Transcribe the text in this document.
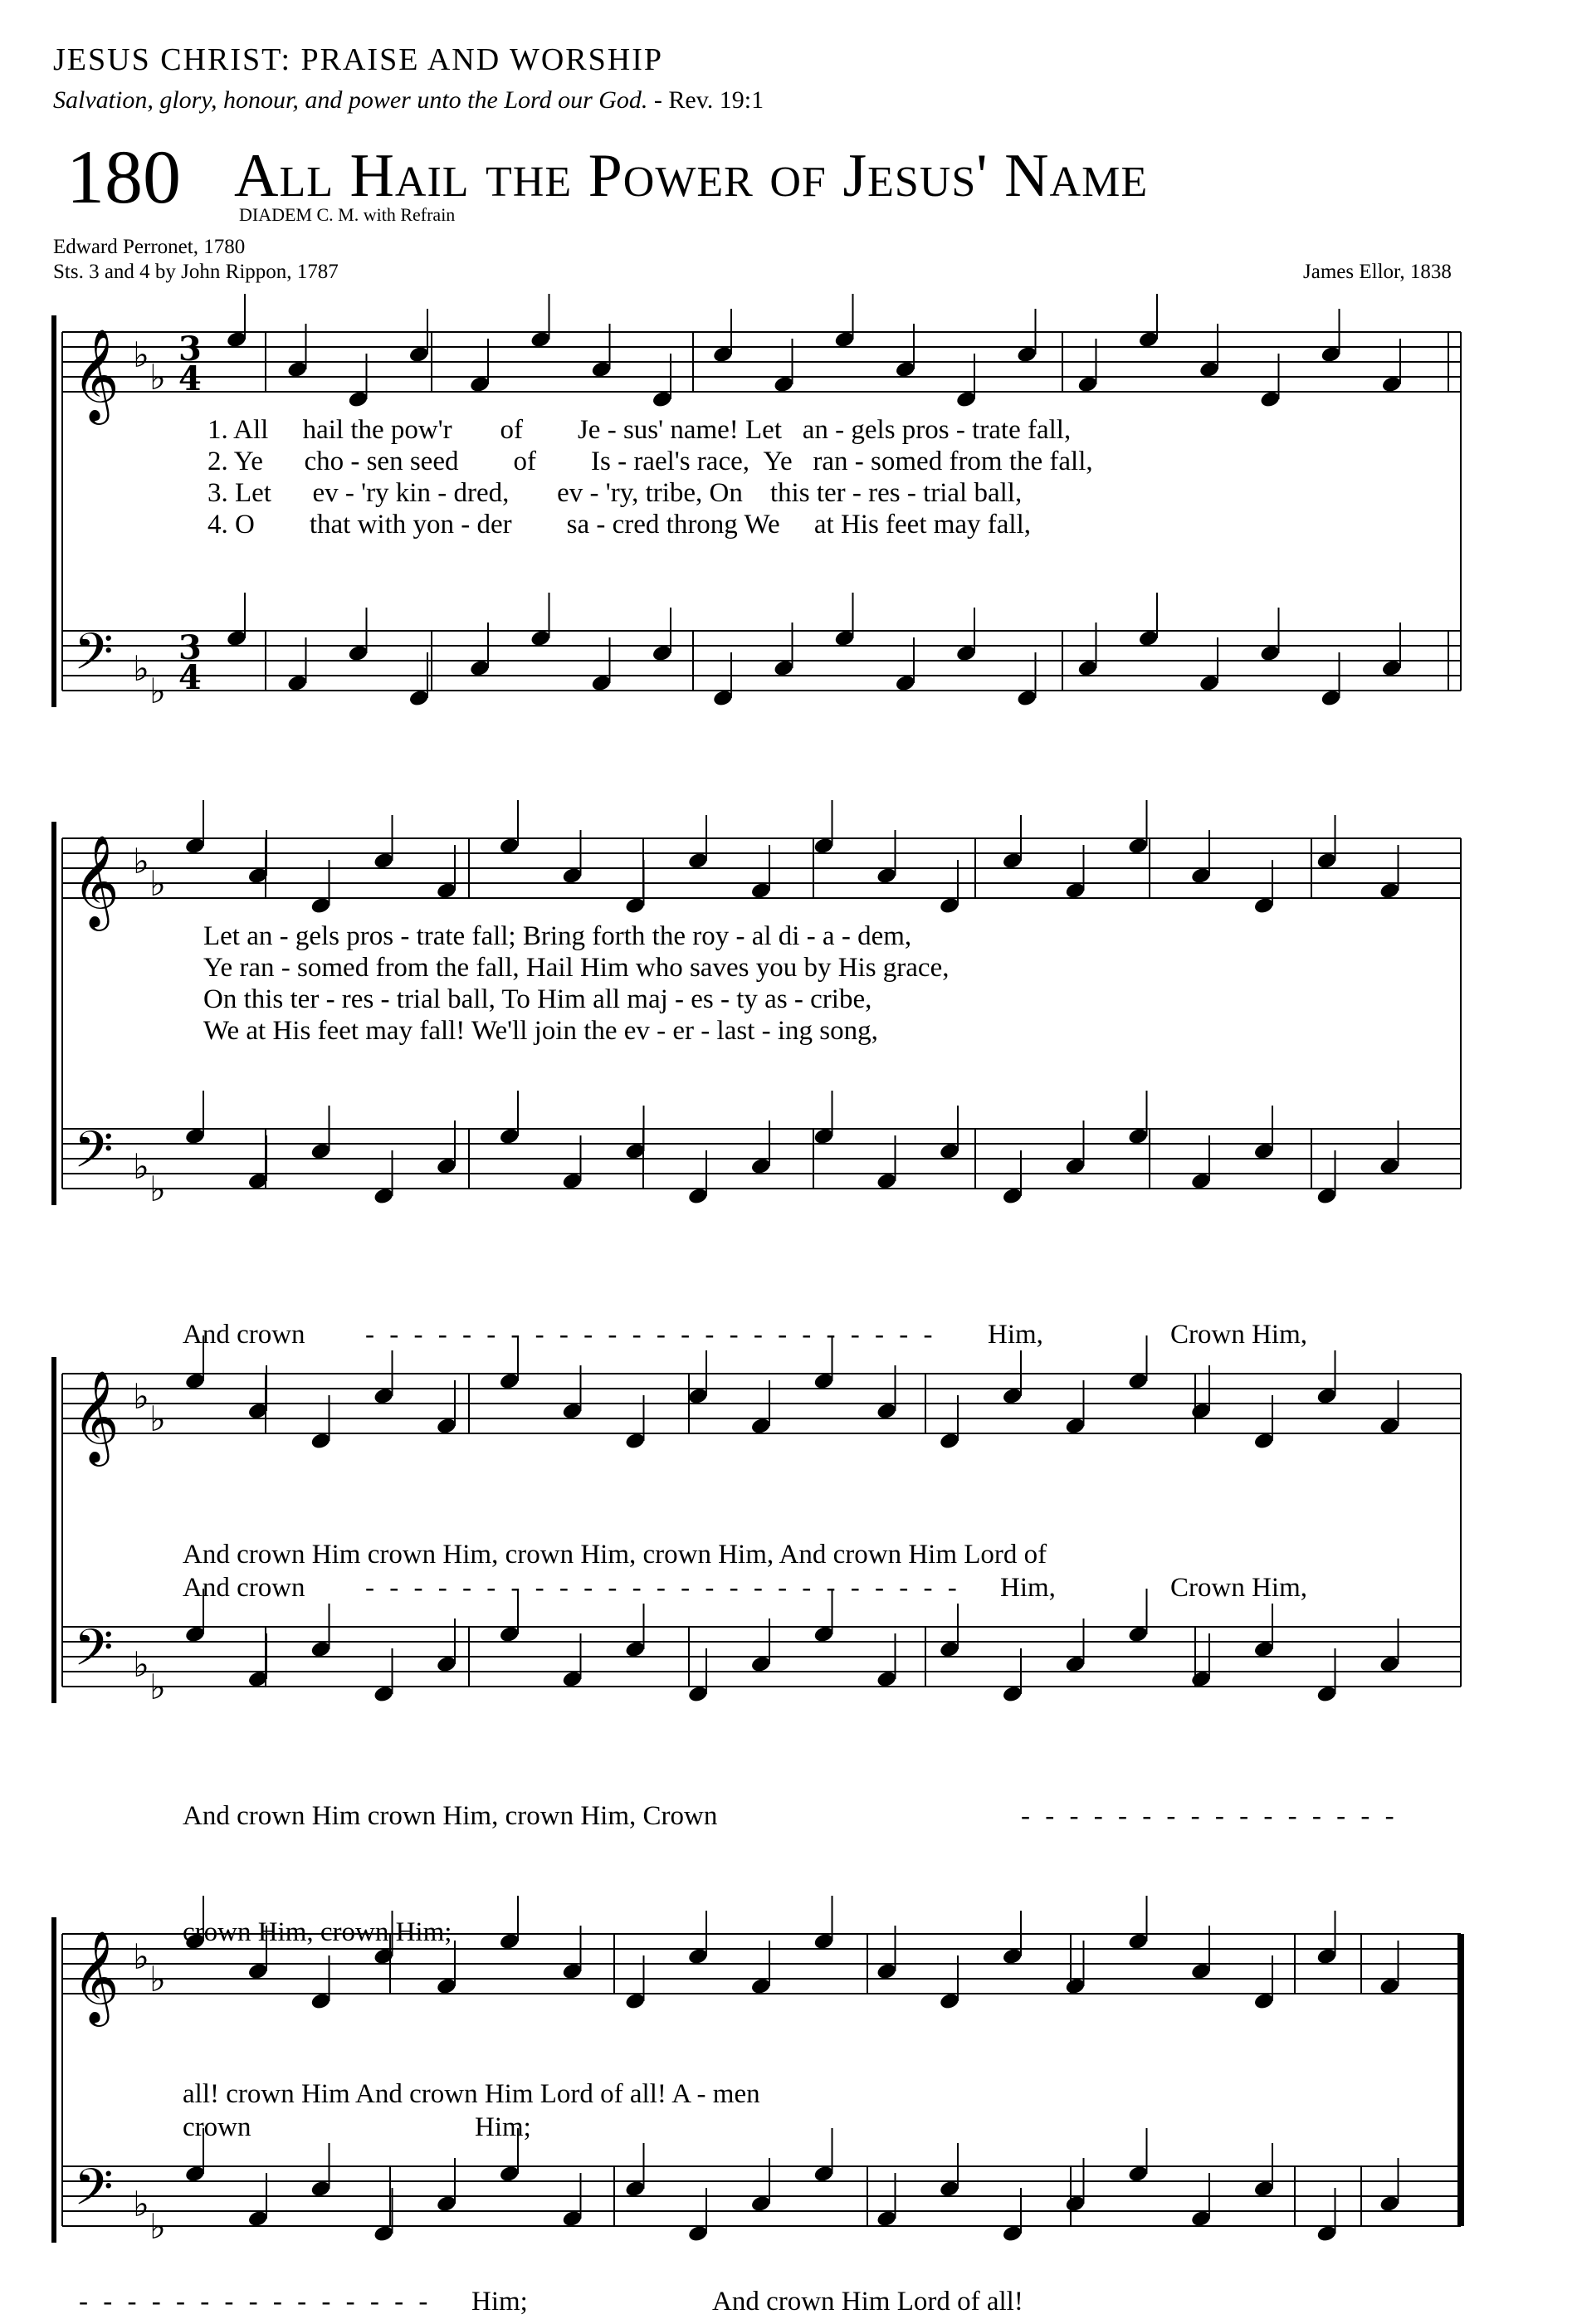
JESUS CHRIST: PRAISE AND WORSHIP
Salvation, glory, honour, and power unto the Lord our God. - Rev. 19:1
180 All Hail the Power of Jesus' Name
DIADEM C. M. with Refrain
Edward Perronet, 1780
Sts. 3 and 4 by John Rippon, 1787	James Ellor, 1838
𝄞
𝄢
♭
♭
♭
♭
3
3
4
4
𝄞
𝄢
♭
♭
♭
♭
𝄞
𝄢
♭
♭
♭
♭
𝄞
𝄢
♭
♭
♭
♭
1. All hail the pow'r of Je - sus' name! Let an - gels pros - trate fall,
2. Ye cho - sen seed of Is - rael's race, Ye ran - somed from the fall,
3. Let ev - 'ry kin - dred, ev - 'ry, tribe, On this ter - res - trial ball,
4. O that with yon - der sa - cred throng We at His feet may fall,
Let an - gels pros - trate fall; Bring forth the roy - al di - a - dem,
Ye ran - somed from the fall, Hail Him who saves you by His grace,
On this ter - res - trial ball, To Him all maj - es - ty as - cribe,
We at His feet may fall! We'll join the ev - er - last - ing song,
And crown - - - - - - - - - - - - - - - - - - - - - - - - Him,	Crown Him,
And crown Him crown Him, crown Him, crown Him, And crown Him Lord of
And crown - - - - - - - - - - - - - - - - - - - - - - - - - Him,	Crown Him,
And crown Him crown Him, crown Him, Crown	- - - - - - - - - - - - - - - -
crown Him, crown Him;
all! crown Him And crown Him Lord of all! A - men
crown	Him;
- - - - - - - - - - - - - - - Him;	And crown Him Lord of all!
